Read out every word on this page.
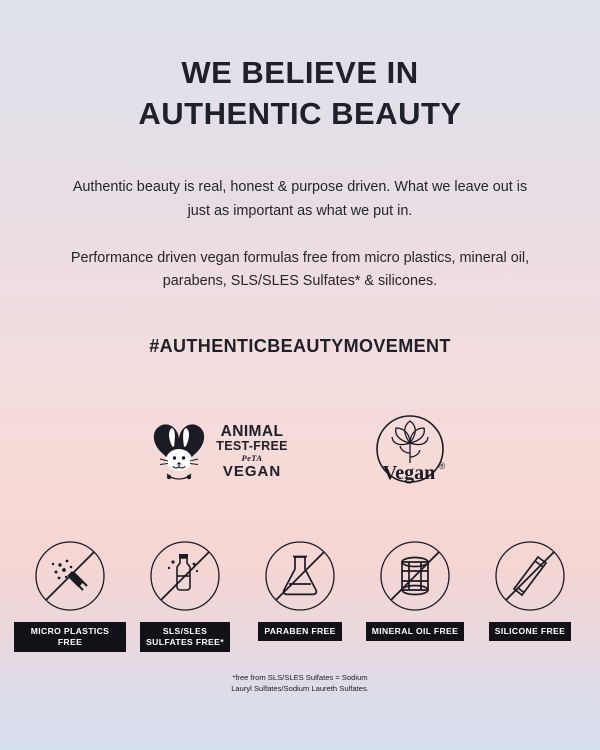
WE BELIEVE IN
AUTHENTIC BEAUTY

Authentic beauty is real, honest & purpose driven. What we leave out is just as important as what we put in.

Performance driven vegan formulas free from micro plastics, mineral oil, parabens, SLS/SLES Sulfates* & silicones.

#AUTHENTICBEAUTYMOVEMENT
ANIMAL
TEST-FREE
PeTA
VEGAN	Vegan ®
MICRO PLASTICS FREE
SLS/SLES
SULFATES FREE*
PARABEN FREE	MINERAL OIL FREE	SILICONE FREE
*free from SLS/SLES Sulfates = Sodium
Lauryl Sulfates/Sodium Laureth Sulfates.
